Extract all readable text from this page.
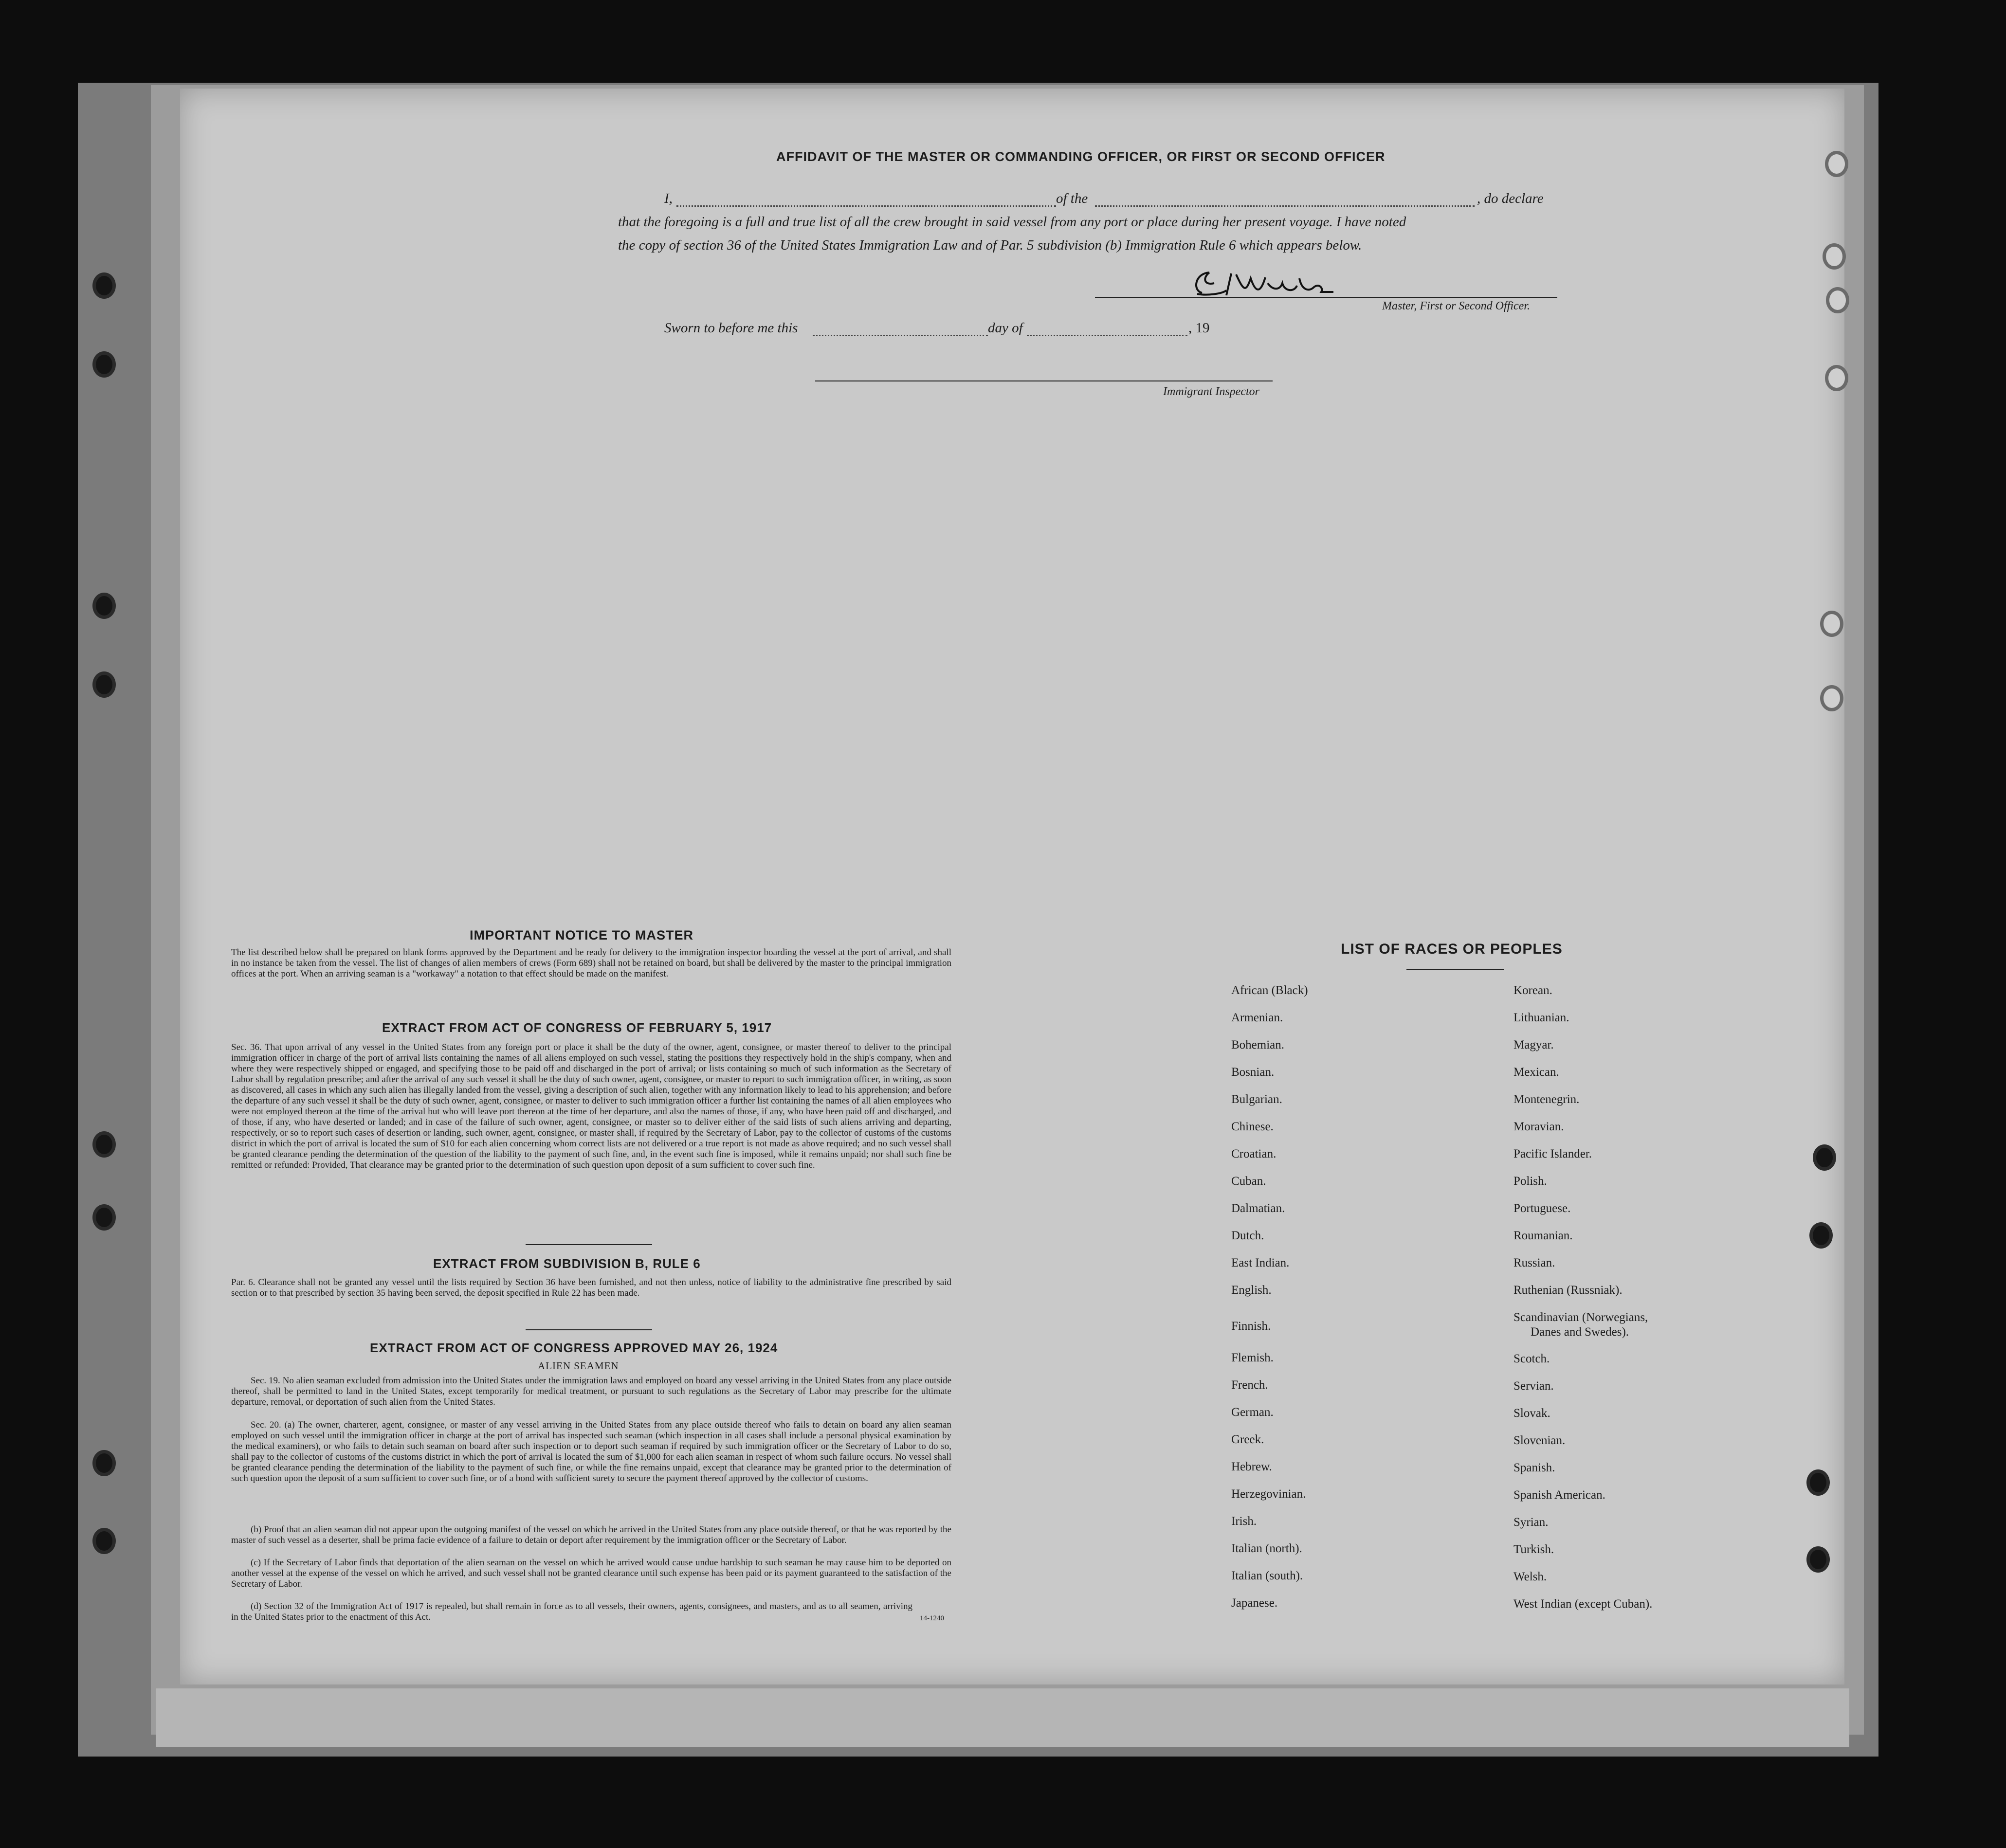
AFFIDAVIT OF THE MASTER OR COMMANDING OFFICER, OR FIRST OR SECOND OFFICER
I,	of the	, do declare
that the foregoing is a full and true list of all the crew brought in said vessel from any port or place during her present voyage. I have noted
the copy of section 36 of the United States Immigration Law and of Par. 5 subdivision (b) Immigration Rule 6 which appears below.
Master, First or Second Officer.
Sworn to before me this	day of	, 19
Immigrant Inspector
IMPORTANT NOTICE TO MASTER
The list described below shall be prepared on blank forms approved by the Department and be ready for delivery to the immigration inspector boarding the vessel at the port of arrival, and shall in no instance be taken from the vessel. The list of changes of alien members of crews (Form 689) shall not be retained on board, but shall be delivered by the master to the principal immigration offices at the port. When an arriving seaman is a "workaway" a notation to that effect should be made on the manifest.
EXTRACT FROM ACT OF CONGRESS OF FEBRUARY 5, 1917
Sec. 36. That upon arrival of any vessel in the United States from any foreign port or place it shall be the duty of the owner, agent, consignee, or master thereof to deliver to the principal immigration officer in charge of the port of arrival lists containing the names of all aliens employed on such vessel, stating the positions they respectively hold in the ship's company, when and where they were respectively shipped or engaged, and specifying those to be paid off and discharged in the port of arrival; or lists containing so much of such information as the Secretary of Labor shall by regulation prescribe; and after the arrival of any such vessel it shall be the duty of such owner, agent, consignee, or master to report to such immigration officer, in writing, as soon as discovered, all cases in which any such alien has illegally landed from the vessel, giving a description of such alien, together with any information likely to lead to his apprehension; and before the departure of any such vessel it shall be the duty of such owner, agent, consignee, or master to deliver to such immigration officer a further list containing the names of all alien employees who were not employed thereon at the time of the arrival but who will leave port thereon at the time of her departure, and also the names of those, if any, who have been paid off and discharged, and of those, if any, who have deserted or landed; and in case of the failure of such owner, agent, consignee, or master so to deliver either of the said lists of such aliens arriving and departing, respectively, or so to report such cases of desertion or landing, such owner, agent, consignee, or master shall, if required by the Secretary of Labor, pay to the collector of customs of the customs district in which the port of arrival is located the sum of $10 for each alien concerning whom correct lists are not delivered or a true report is not made as above required; and no such vessel shall be granted clearance pending the determination of the question of the liability to the payment of such fine, and, in the event such fine is imposed, while it remains unpaid; nor shall such fine be remitted or refunded: Provided, That clearance may be granted prior to the determination of such question upon deposit of a sum sufficient to cover such fine.
EXTRACT FROM SUBDIVISION B, RULE 6
Par. 6. Clearance shall not be granted any vessel until the lists required by Section 36 have been furnished, and not then unless, notice of liability to the administrative fine prescribed by said section or to that prescribed by section 35 having been served, the deposit specified in Rule 22 has been made.
EXTRACT FROM ACT OF CONGRESS APPROVED MAY 26, 1924
ALIEN SEAMEN
Sec. 19. No alien seaman excluded from admission into the United States under the immigration laws and employed on board any vessel arriving in the United States from any place outside thereof, shall be permitted to land in the United States, except temporarily for medical treatment, or pursuant to such regulations as the Secretary of Labor may prescribe for the ultimate departure, removal, or deportation of such alien from the United States.
Sec. 20. (a) The owner, charterer, agent, consignee, or master of any vessel arriving in the United States from any place outside thereof who fails to detain on board any alien seaman employed on such vessel until the immigration officer in charge at the port of arrival has inspected such seaman (which inspection in all cases shall include a personal physical examination by the medical examiners), or who fails to detain such seaman on board after such inspection or to deport such seaman if required by such immigration officer or the Secretary of Labor to do so, shall pay to the collector of customs of the customs district in which the port of arrival is located the sum of $1,000 for each alien seaman in respect of whom such failure occurs. No vessel shall be granted clearance pending the determination of the liability to the payment of such fine, or while the fine remains unpaid, except that clearance may be granted prior to the determination of such question upon the deposit of a sum sufficient to cover such fine, or of a bond with sufficient surety to secure the payment thereof approved by the collector of customs.
(b) Proof that an alien seaman did not appear upon the outgoing manifest of the vessel on which he arrived in the United States from any place outside thereof, or that he was reported by the master of such vessel as a deserter, shall be prima facie evidence of a failure to detain or deport after requirement by the immigration officer or the Secretary of Labor.
(c) If the Secretary of Labor finds that deportation of the alien seaman on the vessel on which he arrived would cause undue hardship to such seaman he may cause him to be deported on another vessel at the expense of the vessel on which he arrived, and such vessel shall not be granted clearance until such expense has been paid or its payment guaranteed to the satisfaction of the Secretary of Labor.
(d) Section 32 of the Immigration Act of 1917 is repealed, but shall remain in force as to all vessels, their owners, agents, consignees, and masters, and as to all seamen, arriving in the United States prior to the enactment of this Act.	14-1240
LIST OF RACES OR PEOPLES
African (Black)
Armenian.
Bohemian.
Bosnian.
Bulgarian.
Chinese.
Croatian.
Cuban.
Dalmatian.
Dutch.
East Indian.
English.
Finnish.
Flemish.
French.
German.
Greek.
Hebrew.
Herzegovinian.
Irish.
Italian (north).
Italian (south).
Japanese.
Korean.
Lithuanian.
Magyar.
Mexican.
Montenegrin.
Moravian.
Pacific Islander.
Polish.
Portuguese.
Roumanian.
Russian.
Ruthenian (Russniak).
Scandinavian (Norwegians,
Danes and Swedes).
Scotch.
Servian.
Slovak.
Slovenian.
Spanish.
Spanish American.
Syrian.
Turkish.
Welsh.
West Indian (except Cuban).
